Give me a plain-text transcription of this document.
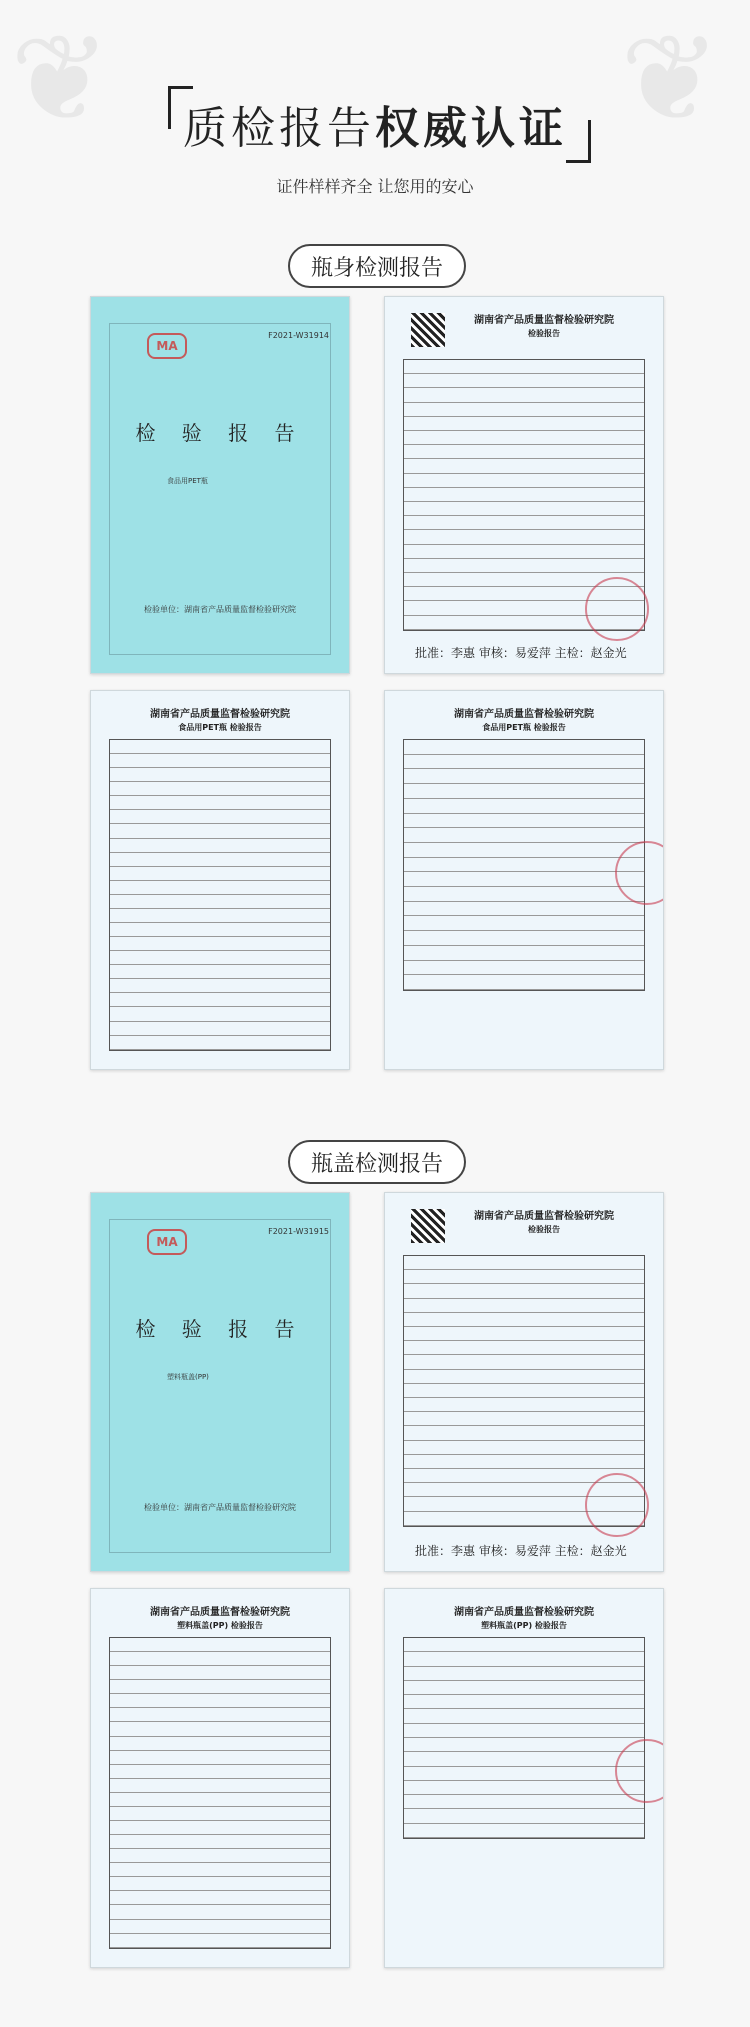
❦	❦
质检报告权威认证
证件样样齐全 让您用的安心
瓶身检测报告
MA
F2021-W31914
检 验 报 告
食品用PET瓶
检验单位：湖南省产品质量监督检验研究院
湖南省产品质量监督检验研究院
检验报告
批准：李惠 审核：易爱萍 主检：赵金光
湖南省产品质量监督检验研究院
食品用PET瓶 检验报告
湖南省产品质量监督检验研究院
食品用PET瓶 检验报告
瓶盖检测报告
MA
F2021-W31915
检 验 报 告
塑料瓶盖(PP)
检验单位：湖南省产品质量监督检验研究院
湖南省产品质量监督检验研究院
检验报告
批准：李惠 审核：易爱萍 主检：赵金光
湖南省产品质量监督检验研究院
塑料瓶盖(PP) 检验报告
湖南省产品质量监督检验研究院
塑料瓶盖(PP) 检验报告
